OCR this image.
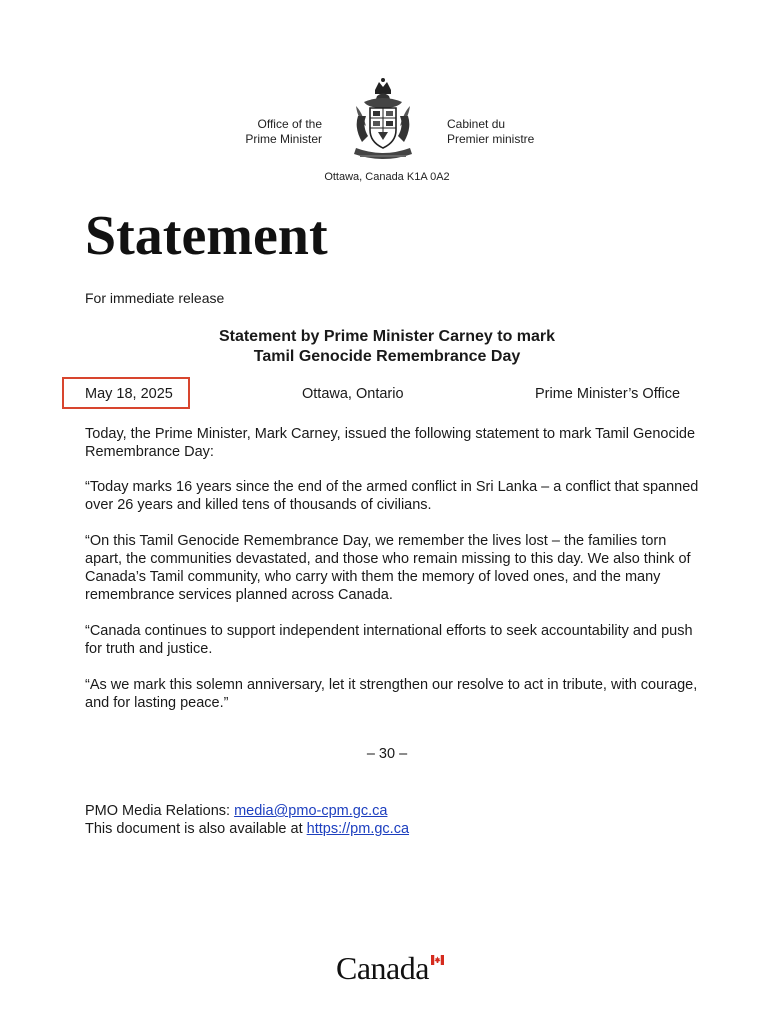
Office of the
Prime Minister
Cabinet du
Premier ministre
Ottawa, Canada K1A 0A2
Statement
For immediate release
Statement by Prime Minister Carney to mark
Tamil Genocide Remembrance Day
May 18, 2025	Ottawa, Ontario	Prime Minister’s Office

Today, the Prime Minister, Mark Carney, issued the following statement to mark Tamil Genocide Remembrance Day:

“Today marks 16 years since the end of the armed conflict in Sri Lanka – a conflict that spanned over 26 years and killed tens of thousands of civilians.

“On this Tamil Genocide Remembrance Day, we remember the lives lost – the families torn apart, the communities devastated, and those who remain missing to this day. We also think of Canada’s Tamil community, who carry with them the memory of loved ones, and the many remembrance services planned across Canada.

“Canada continues to support independent international efforts to seek accountability and push for truth and justice.

“As we mark this solemn anniversary, let it strengthen our resolve to act in tribute, with courage, and for lasting peace.”

– 30 –
PMO Media Relations: media@pmo-cpm.gc.ca
This document is also available at https://pm.gc.ca
Canada
